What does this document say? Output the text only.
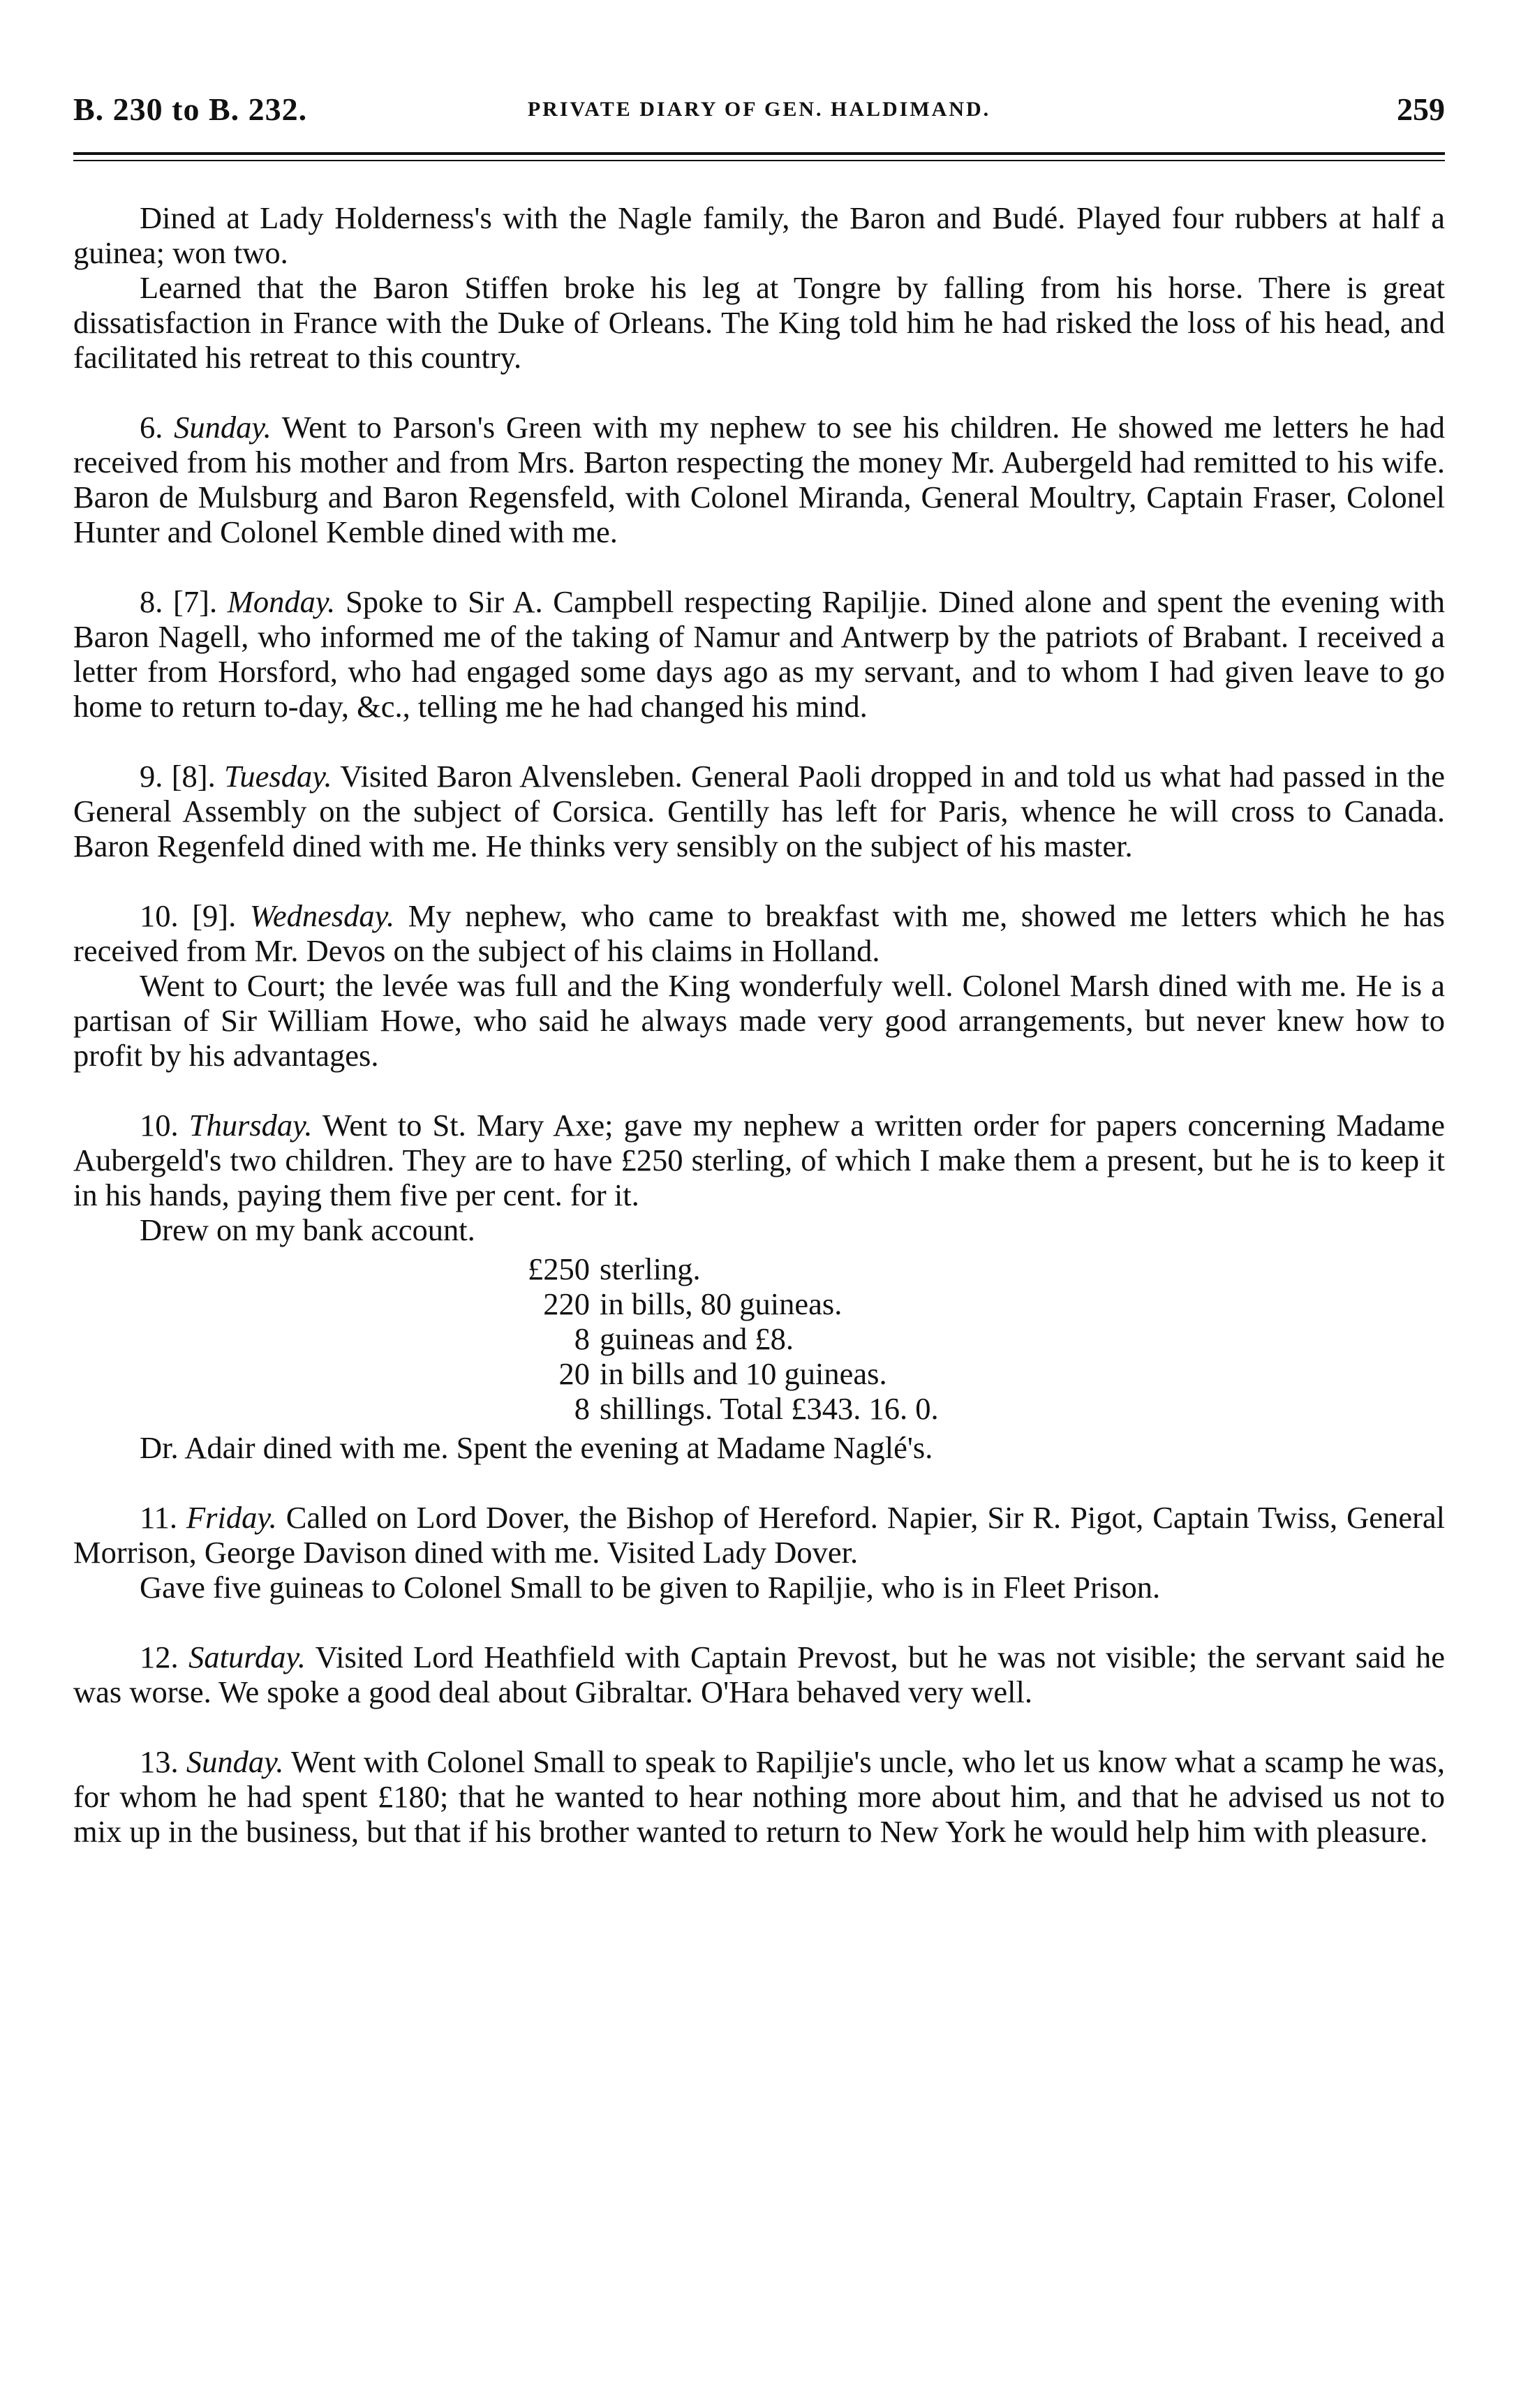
B. 230 to B. 232.	PRIVATE DIARY OF GEN. HALDIMAND.	259

Dined at Lady Holderness's with the Nagle family, the Baron and Budé. Played four rubbers at half a guinea; won two.

Learned that the Baron Stiffen broke his leg at Tongre by falling from his horse. There is great dissatisfaction in France with the Duke of Orleans. The King told him he had risked the loss of his head, and facilitated his retreat to this country.

6. Sunday. Went to Parson's Green with my nephew to see his children. He showed me letters he had received from his mother and from Mrs. Barton respecting the money Mr. Aubergeld had remitted to his wife. Baron de Mulsburg and Baron Regensfeld, with Colonel Miranda, General Moultry, Captain Fraser, Colonel Hunter and Colonel Kemble dined with me.

8. [7]. Monday. Spoke to Sir A. Campbell respecting Rapiljie. Dined alone and spent the evening with Baron Nagell, who informed me of the taking of Namur and Antwerp by the patriots of Brabant. I received a letter from Horsford, who had engaged some days ago as my servant, and to whom I had given leave to go home to return to-day, &c., telling me he had changed his mind.

9. [8]. Tuesday. Visited Baron Alvensleben. General Paoli dropped in and told us what had passed in the General Assembly on the subject of Corsica. Gentilly has left for Paris, whence he will cross to Canada. Baron Regenfeld dined with me. He thinks very sensibly on the subject of his master.

10. [9]. Wednesday. My nephew, who came to breakfast with me, showed me letters which he has received from Mr. Devos on the subject of his claims in Holland.

Went to Court; the levée was full and the King wonderfuly well. Colonel Marsh dined with me. He is a partisan of Sir William Howe, who said he always made very good arrangements, but never knew how to profit by his advantages.

10. Thursday. Went to St. Mary Axe; gave my nephew a written order for papers concerning Madame Aubergeld's two children. They are to have £250 sterling, of which I make them a present, but he is to keep it in his hands, paying them five per cent. for it.

Drew on my bank account.

£250 sterling.

220 in bills, 80 guineas.

8 guineas and £8.

20 in bills and 10 guineas.

8 shillings. Total £343. 16. 0.

Dr. Adair dined with me. Spent the evening at Madame Naglé's.

11. Friday. Called on Lord Dover, the Bishop of Hereford. Napier, Sir R. Pigot, Captain Twiss, General Morrison, George Davison dined with me. Visited Lady Dover.

Gave five guineas to Colonel Small to be given to Rapiljie, who is in Fleet Prison.

12. Saturday. Visited Lord Heathfield with Captain Prevost, but he was not visible; the servant said he was worse. We spoke a good deal about Gibraltar. O'Hara behaved very well.

13. Sunday. Went with Colonel Small to speak to Rapiljie's uncle, who let us know what a scamp he was, for whom he had spent £180; that he wanted to hear nothing more about him, and that he advised us not to mix up in the business, but that if his brother wanted to return to New York he would help him with pleasure.
